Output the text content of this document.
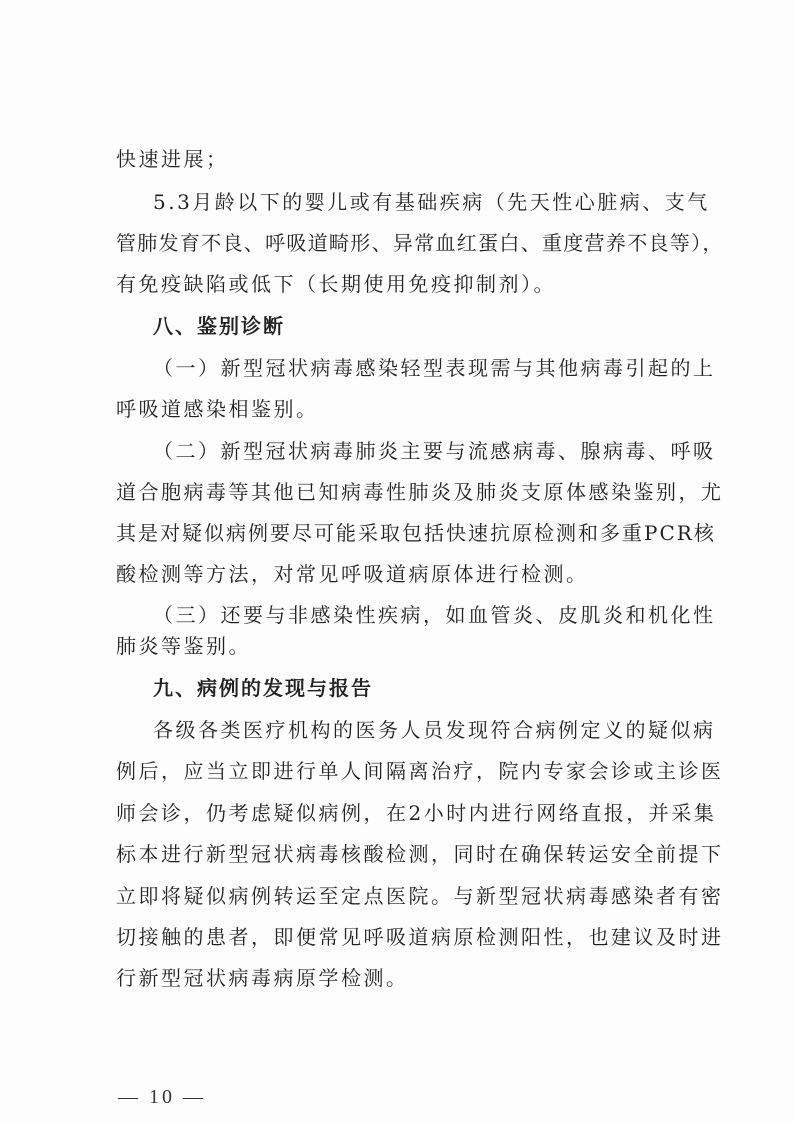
快速进展；
5.3月龄以下的婴儿或有基础疾病（先天性心脏病、支气
管肺发育不良、呼吸道畸形、异常血红蛋白、重度营养不良等），
有免疫缺陷或低下（长期使用免疫抑制剂）。
八、鉴别诊断
（一）新型冠状病毒感染轻型表现需与其他病毒引起的上
呼吸道感染相鉴别。
（二）新型冠状病毒肺炎主要与流感病毒、腺病毒、呼吸
道合胞病毒等其他已知病毒性肺炎及肺炎支原体感染鉴别，尤
其是对疑似病例要尽可能采取包括快速抗原检测和多重PCR核
酸检测等方法，对常见呼吸道病原体进行检测。
（三）还要与非感染性疾病，如血管炎、皮肌炎和机化性
肺炎等鉴别。
九、病例的发现与报告
各级各类医疗机构的医务人员发现符合病例定义的疑似病
例后，应当立即进行单人间隔离治疗，院内专家会诊或主诊医
师会诊，仍考虑疑似病例，在2小时内进行网络直报，并采集
标本进行新型冠状病毒核酸检测，同时在确保转运安全前提下
立即将疑似病例转运至定点医院。与新型冠状病毒感染者有密
切接触的患者，即便常见呼吸道病原检测阳性，也建议及时进
行新型冠状病毒病原学检测。
— 10 —
